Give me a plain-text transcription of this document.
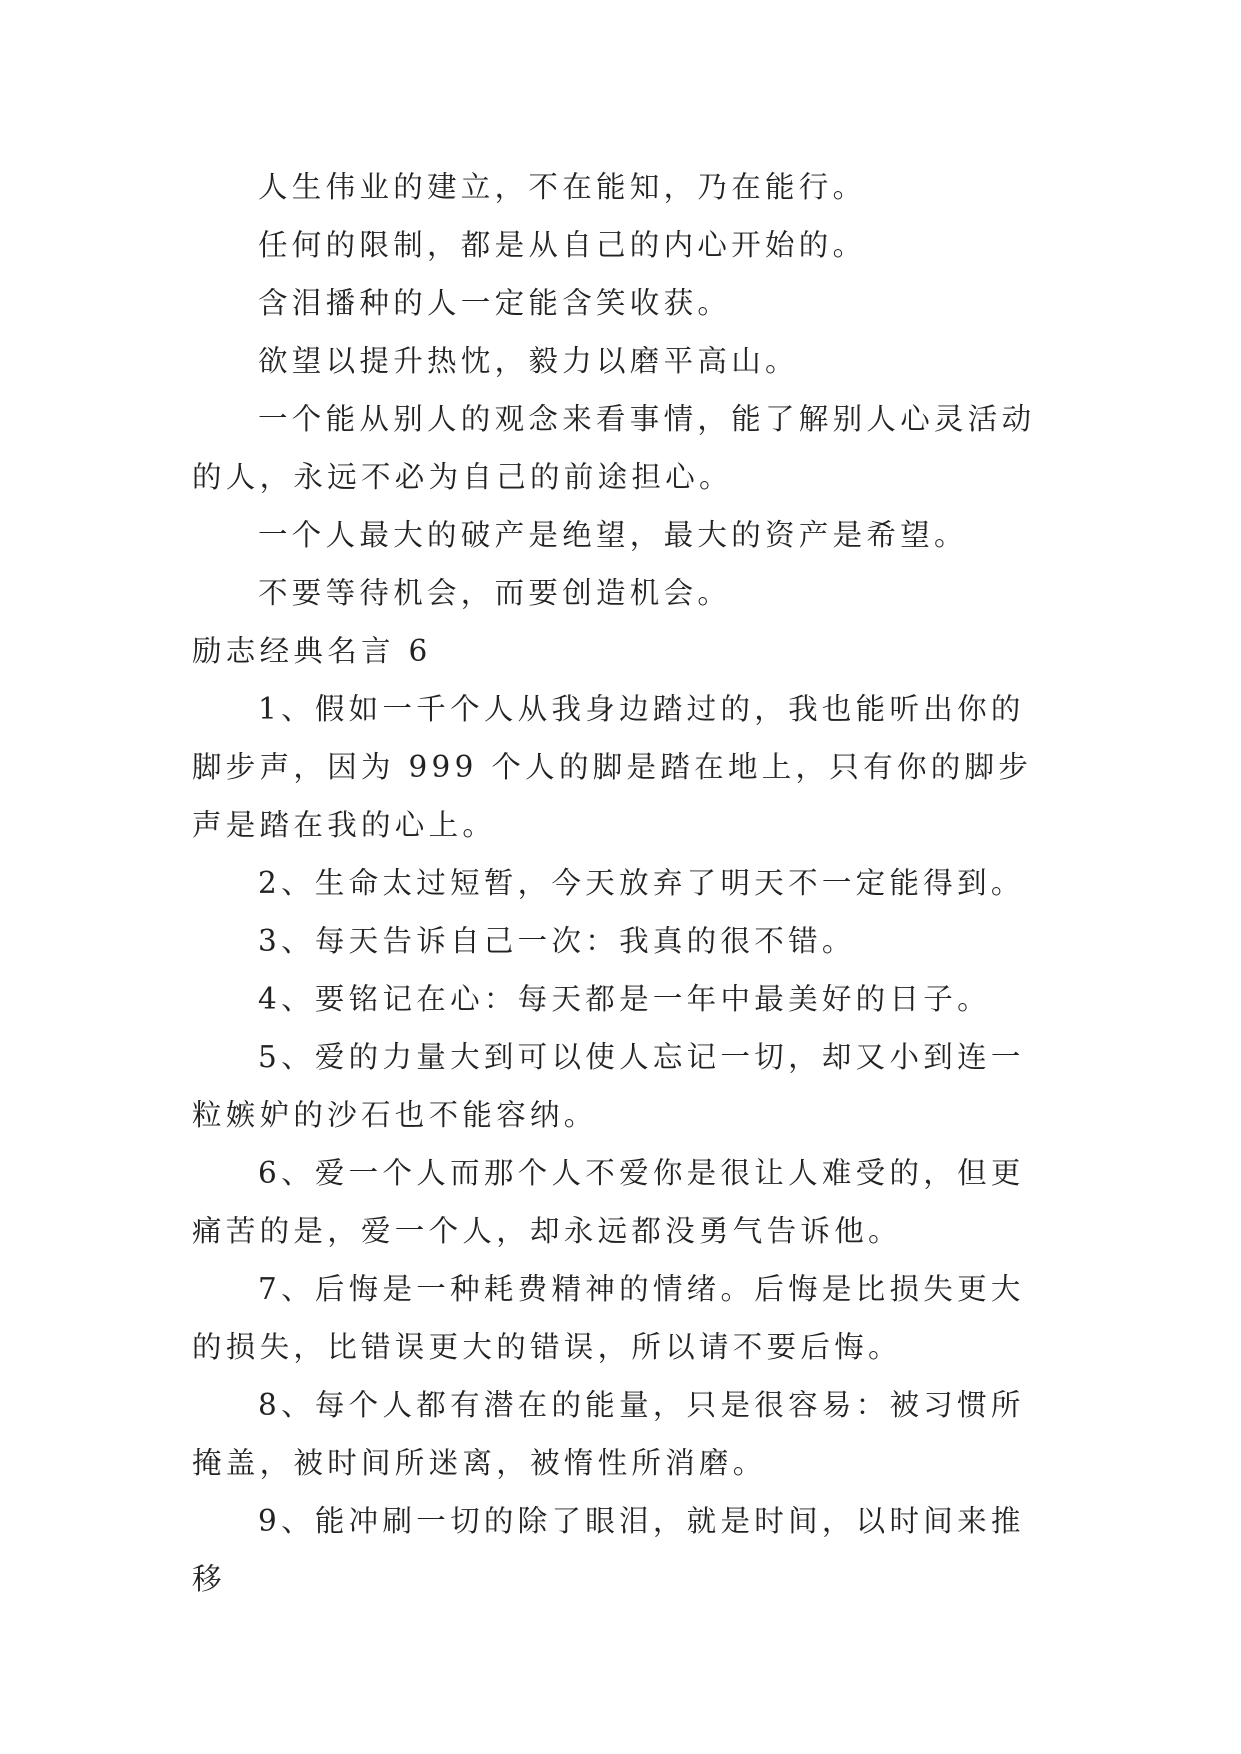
人生伟业的建立，不在能知，乃在能行。

任何的限制，都是从自己的内心开始的。

含泪播种的人一定能含笑收获。

欲望以提升热忱，毅力以磨平高山。

一个能从别人的观念来看事情，能了解别人心灵活动的人，永远不必为自己的前途担心。

一个人最大的破产是绝望，最大的资产是希望。

不要等待机会，而要创造机会。

励志经典名言 6

1、假如一千个人从我身边踏过的，我也能听出你的脚步声，因为 999 个人的脚是踏在地上，只有你的脚步声是踏在我的心上。

2、生命太过短暂，今天放弃了明天不一定能得到。

3、每天告诉自己一次：我真的很不错。

4、要铭记在心：每天都是一年中最美好的日子。

5、爱的力量大到可以使人忘记一切，却又小到连一粒嫉妒的沙石也不能容纳。

6、爱一个人而那个人不爱你是很让人难受的，但更痛苦的是，爱一个人，却永远都没勇气告诉他。

7、后悔是一种耗费精神的情绪。后悔是比损失更大的损失，比错误更大的错误，所以请不要后悔。

8、每个人都有潜在的能量，只是很容易：被习惯所掩盖，被时间所迷离，被惰性所消磨。

9、能冲刷一切的除了眼泪，就是时间，以时间来推移
